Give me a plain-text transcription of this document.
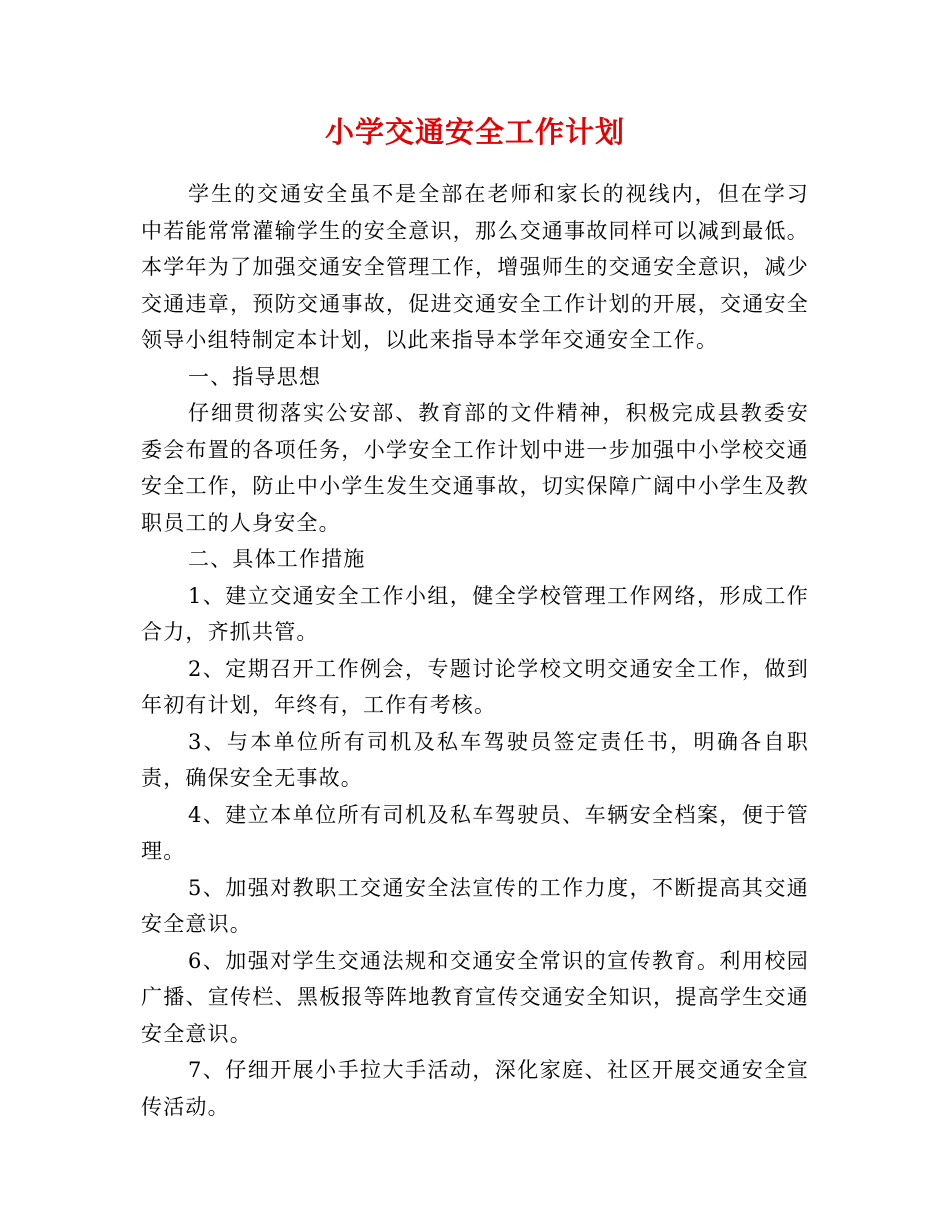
小学交通安全工作计划

学生的交通安全虽不是全部在老师和家长的视线内，但在学习中若能常常灌输学生的安全意识，那么交通事故同样可以减到最低。本学年为了加强交通安全管理工作，增强师生的交通安全意识，减少交通违章，预防交通事故，促进交通安全工作计划的开展，交通安全领导小组特制定本计划，以此来指导本学年交通安全工作。

一、指导思想

仔细贯彻落实公安部、教育部的文件精神，积极完成县教委安委会布置的各项任务，小学安全工作计划中进一步加强中小学校交通安全工作，防止中小学生发生交通事故，切实保障广阔中小学生及教职员工的人身安全。

二、具体工作措施

1、建立交通安全工作小组，健全学校管理工作网络，形成工作合力，齐抓共管。

2、定期召开工作例会，专题讨论学校文明交通安全工作，做到年初有计划，年终有，工作有考核。

3、与本单位所有司机及私车驾驶员签定责任书，明确各自职责，确保安全无事故。

4、建立本单位所有司机及私车驾驶员、车辆安全档案，便于管理。

5、加强对教职工交通安全法宣传的工作力度，不断提高其交通安全意识。

6、加强对学生交通法规和交通安全常识的宣传教育。利用校园广播、宣传栏、黑板报等阵地教育宣传交通安全知识，提高学生交通安全意识。

7、仔细开展小手拉大手活动，深化家庭、社区开展交通安全宣传活动。
